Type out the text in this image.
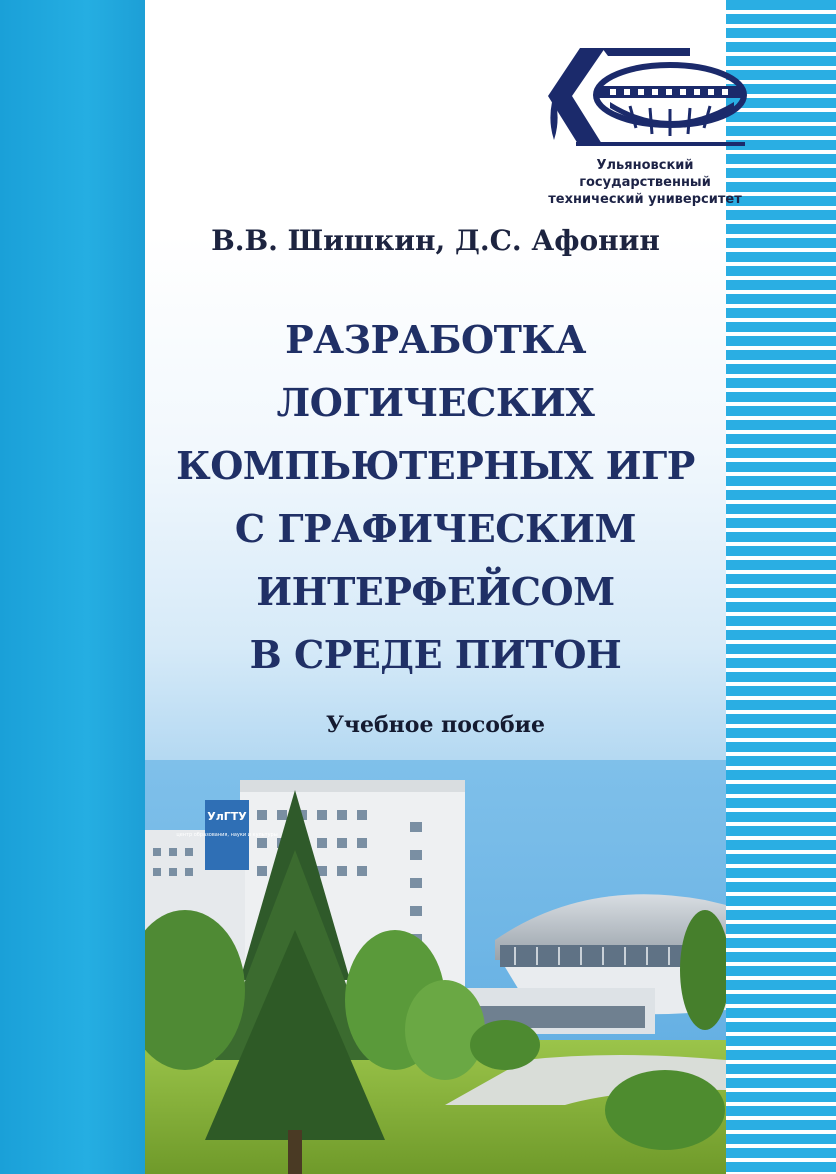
Ульяновский государственный
технический университет
В.В. Шишкин, Д.С. Афонин
РАЗРАБОТКА
ЛОГИЧЕСКИХ
КОМПЬЮТЕРНЫХ ИГР
С ГРАФИЧЕСКИМ
ИНТЕРФЕЙСОМ
В СРЕДЕ ПИТОН
Учебное пособие
УлГТУ
центр образования, науки и культуры
